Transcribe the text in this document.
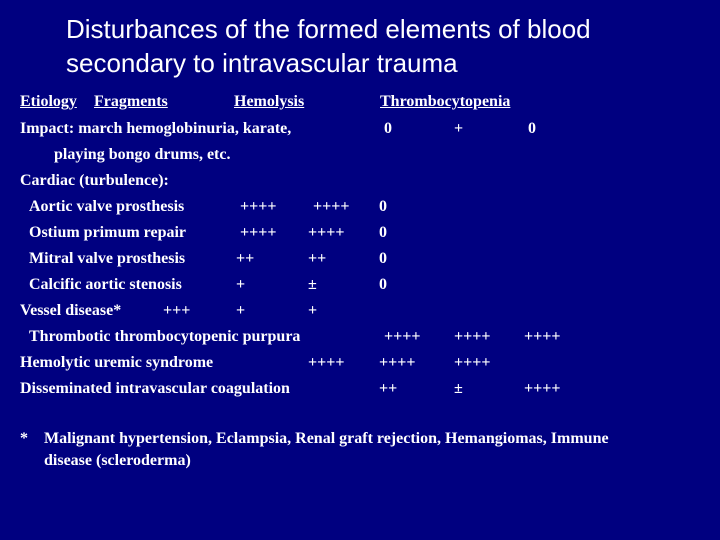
Disturbances of the formed elements of blood
secondary to intravascular trauma
Etiology Fragments	Hemolysis	Thrombocytopenia
Impact: march hemoglobinuria, karate,	0	+	0
playing bongo drums, etc.
Cardiac (turbulence):
Aortic valve prosthesis	++++ ++++ 0
Ostium primum repair	++++ ++++ 0
Mitral valve prosthesis	++	++	0
Calcific aortic stenosis	+	±	0
Vessel disease*	+++	+	+
Thrombotic thrombocytopenic purpura	++++ ++++ ++++
Hemolytic uremic syndrome	++++ ++++ ++++
Disseminated intravascular coagulation	++	±	++++
* Malignant hypertension, Eclampsia, Renal graft rejection, Hemangiomas, Immune
disease (scleroderma)
